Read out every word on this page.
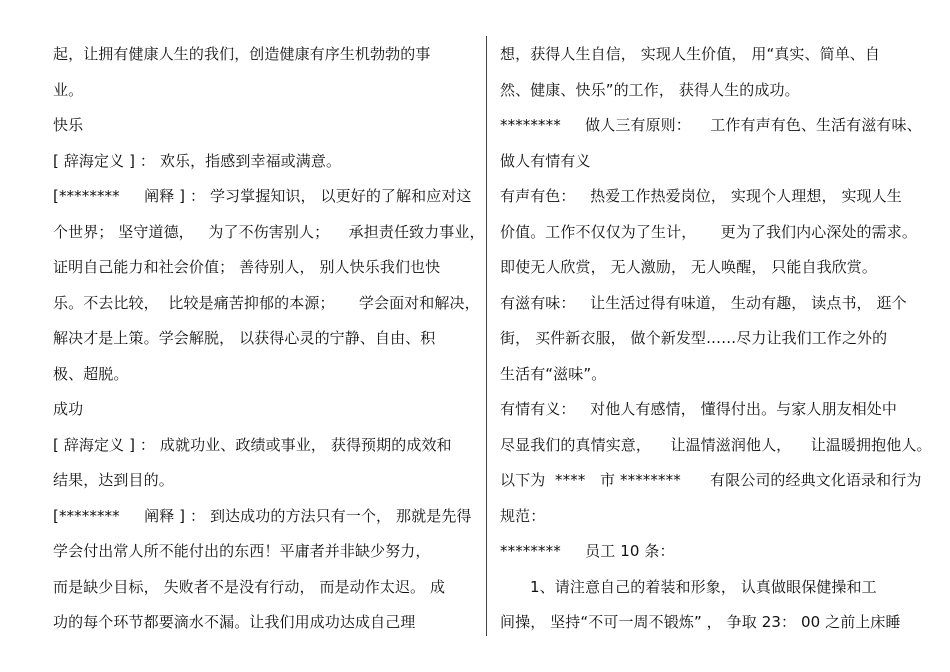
起，让拥有健康人生的我们，创造健康有序生机勃勃的事
业。
快乐
[ 辞海定义 ] ： 欢乐，指感到幸福或满意。
[********     阐释 ] ： 学习掌握知识， 以更好的了解和应对这
个世界； 坚守道德，   为了不伤害别人；    承担责任致力事业，
证明自己能力和社会价值； 善待别人， 别人快乐我们也快
乐。不去比较，  比较是痛苦抑郁的本源；     学会面对和解决，
解决才是上策。学会解脱， 以获得心灵的宁静、自由、积
极、超脱。
成功
[ 辞海定义 ] ： 成就功业、政绩或事业， 获得预期的成效和
结果，达到目的。
[********     阐释 ] ： 到达成功的方法只有一个， 那就是先得
学会付出常人所不能付出的东西！平庸者并非缺少努力，
而是缺少目标， 失败者不是没有行动， 而是动作太迟。 成
功的每个环节都要滴水不漏。让我们用成功达成自己理
想，获得人生自信， 实现人生价值， 用“真实、简单、自
然、健康、快乐”的工作， 获得人生的成功。
********     做人三有原则：    工作有声有色、生活有滋有味、
做人有情有义
有声有色：   热爱工作热爱岗位， 实现个人理想， 实现人生
价值。工作不仅仅为了生计，     更为了我们内心深处的需求。
即使无人欣赏， 无人激励， 无人唤醒， 只能自我欣赏。
有滋有味：   让生活过得有味道， 生动有趣， 读点书， 逛个
街， 买件新衣服， 做个新发型……尽力让我们工作之外的
生活有“滋味”。
有情有义：   对他人有感情， 懂得付出。与家人朋友相处中
尽显我们的真情实意，    让温情滋润他人，    让温暖拥抱他人。
以下为  ****   市 ********      有限公司的经典文化语录和行为
规范：
********     员工 10 条：
1、请注意自己的着装和形象， 认真做眼保健操和工
间操， 坚持“不可一周不锻炼” ， 争取 23： 00 之前上床睡
